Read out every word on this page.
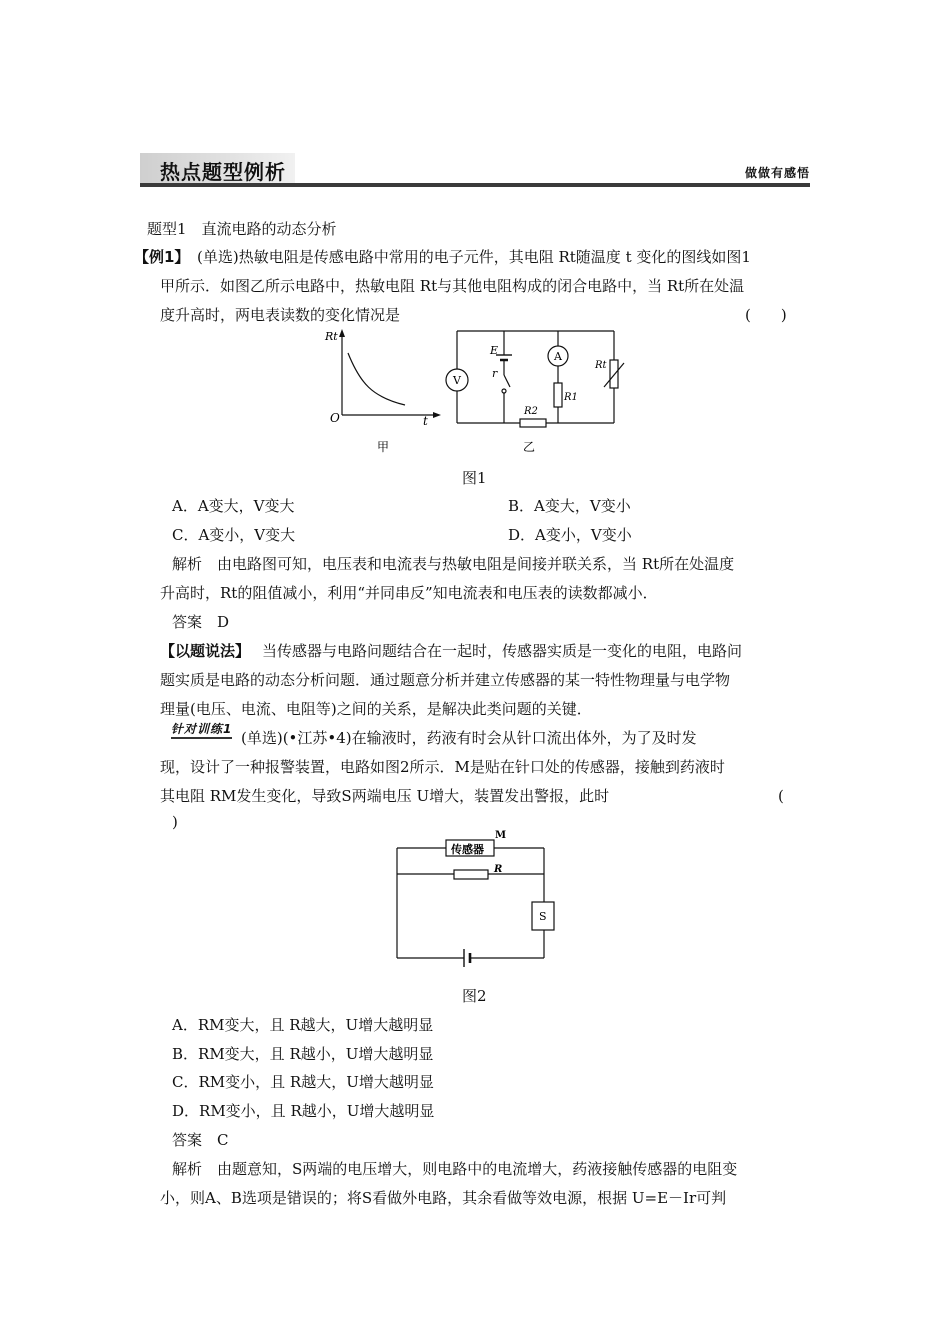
热点题型例析	做做有感悟
题型1　直流电路的动态分析
【例1】 (单选)热敏电阻是传感电路中常用的电子元件，其电阻 Rt随温度 t 变化的图线如图1
甲所示．如图乙所示电路中，热敏电阻 Rt与其他电阻构成的闭合电路中，当 Rt所在处温
度升高时，两电表读数的变化情况是	(　　)
Rt
O	t
甲
V
E
r
A
R1
R2
Rt
乙
图1
A．A变大，V变大	B．A变大，V变小
C．A变小，V变大	D．A变小，V变小
解析　由电路图可知，电压表和电流表与热敏电阻是间接并联关系，当 Rt所在处温度
升高时，Rt的阻值减小，利用“并同串反”知电流表和电压表的读数都减小．
答案　D
【以题说法】 当传感器与电路问题结合在一起时，传感器实质是一变化的电阻，电路问
题实质是电路的动态分析问题．通过题意分析并建立传感器的某一特性物理量与电学物
理量(电压、电流、电阻等)之间的关系，是解决此类问题的关键．
针对训练1 (单选)(•江苏•4)在输液时，药液有时会从针口流出体外，为了及时发
现，设计了一种报警装置，电路如图2所示．M是贴在针口处的传感器，接触到药液时
其电阻 RM发生变化，导致S两端电压 U增大，装置发出警报，此时	(
)
传感器
M
R
S
图2
A．RM变大，且 R越大，U增大越明显
B．RM变大，且 R越小，U增大越明显
C．RM变小，且 R越大，U增大越明显
D．RM变小，且 R越小，U增大越明显
答案　C
解析　由题意知，S两端的电压增大，则电路中的电流增大，药液接触传感器的电阻变
小，则A、B选项是错误的；将S看做外电路，其余看做等效电源，根据 U=E－Ir可判
